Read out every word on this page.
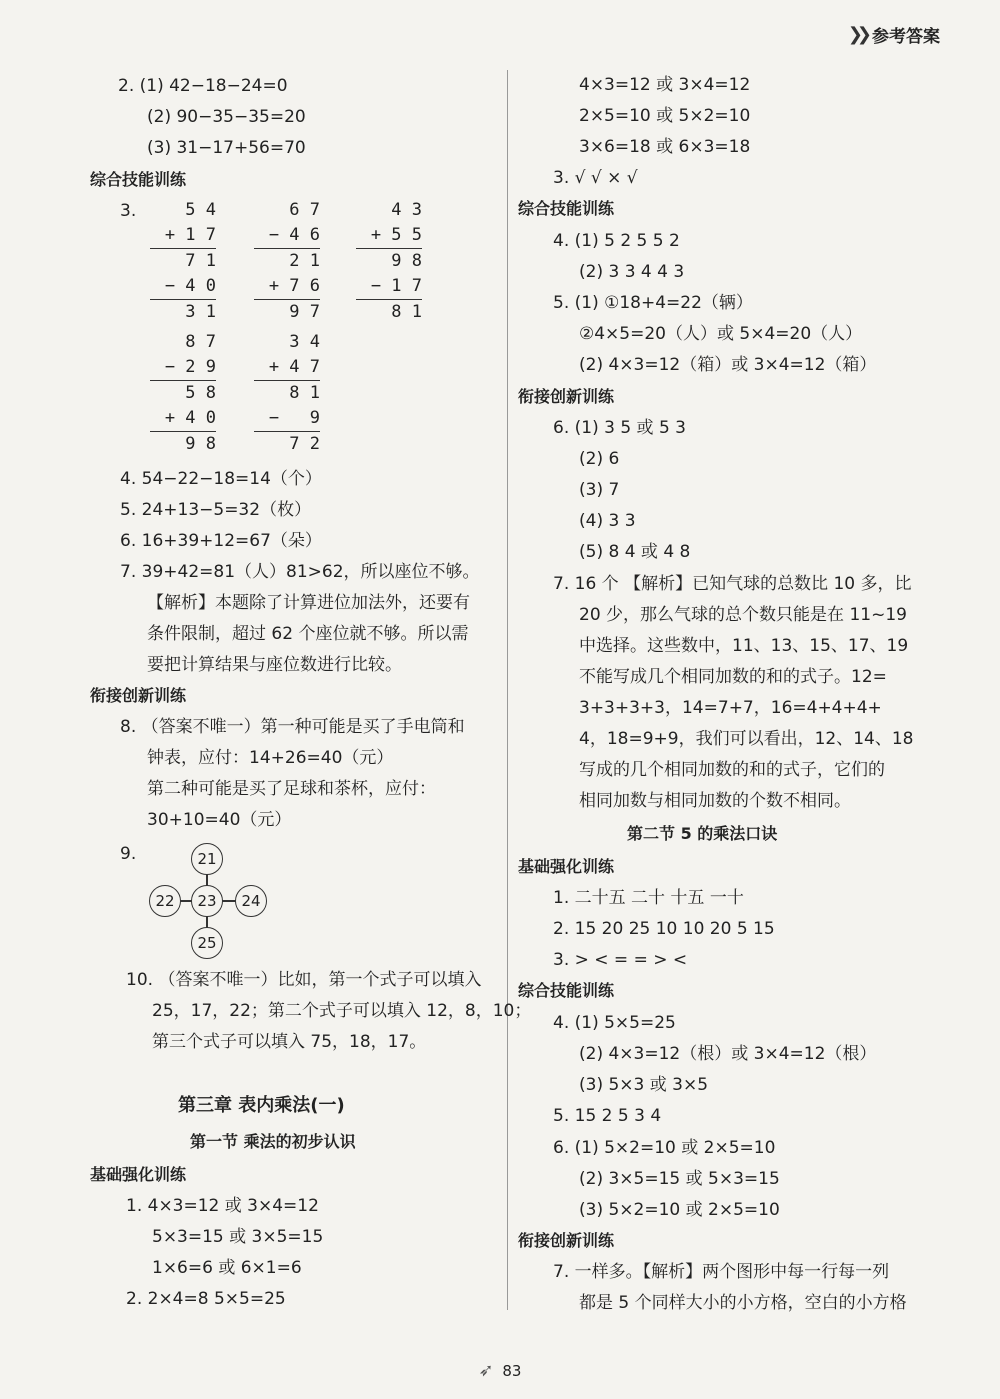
❯❯ 参考答案
2. (1) 42−18−24=0
(2) 90−35−35=20
(3) 31−17+56=70
综合技能训练
3.	5 4
+ 1 7
7 1
− 4 0
3 1
6 7
− 4 6
2 1
+ 7 6
9 7
4 3
+ 5 5
9 8
− 1 7
8 1
8 7
− 2 9
5 8
+ 4 0
9 8
3 4
+ 4 7
8 1
−   9
7 2
4. 54−22−18=14（个）
5. 24+13−5=32（枚）
6. 16+39+12=67（朵）
7. 39+42=81（人）81>62，所以座位不够。
【解析】本题除了计算进位加法外，还要有
条件限制，超过 62 个座位就不够。所以需
要把计算结果与座位数进行比较。
衔接创新训练
8. （答案不唯一）第一种可能是买了手电筒和
钟表，应付：14+26=40（元）
第二种可能是买了足球和茶杯，应付：
30+10=40（元）
9.	21
22	23	24
25
10. （答案不唯一）比如，第一个式子可以填入
25，17，22；第二个式子可以填入 12，8，10；
第三个式子可以填入 75，18，17。
第三章 表内乘法(一)
第一节 乘法的初步认识
基础强化训练
1. 4×3=12 或 3×4=12
5×3=15 或 3×5=15
1×6=6 或 6×1=6
2. 2×4=8 5×5=25
4×3=12 或 3×4=12
2×5=10 或 5×2=10
3×6=18 或 6×3=18
3. √ √ × √
综合技能训练
4. (1) 5 2 5 5 2
(2) 3 3 4 4 3
5. (1) ①18+4=22（辆）
②4×5=20（人）或 5×4=20（人）
(2) 4×3=12（箱）或 3×4=12（箱）
衔接创新训练
6. (1) 3 5 或 5 3
(2) 6
(3) 7
(4) 3 3
(5) 8 4 或 4 8
7. 16 个 【解析】已知气球的总数比 10 多，比
20 少，那么气球的总个数只能是在 11~19
中选择。这些数中，11、13、15、17、19
不能写成几个相同加数的和的式子。12=
3+3+3+3，14=7+7，16=4+4+4+
4，18=9+9，我们可以看出，12、14、18
写成的几个相同加数的和的式子，它们的
相同加数与相同加数的个数不相同。
第二节 5 的乘法口诀
基础强化训练
1. 二十五 二十 十五 一十
2. 15 20 25 10 10 20 5 15
3. > < = = > <
综合技能训练
4. (1) 5×5=25
(2) 4×3=12（根）或 3×4=12（根）
(3) 5×3 或 3×5
5. 15 2 5 3 4
6. (1) 5×2=10 或 2×5=10
(2) 3×5=15 或 5×3=15
(3) 5×2=10 或 2×5=10
衔接创新训练
7. 一样多。【解析】两个图形中每一行每一列
都是 5 个同样大小的小方格，空白的小方格
➶ 83
